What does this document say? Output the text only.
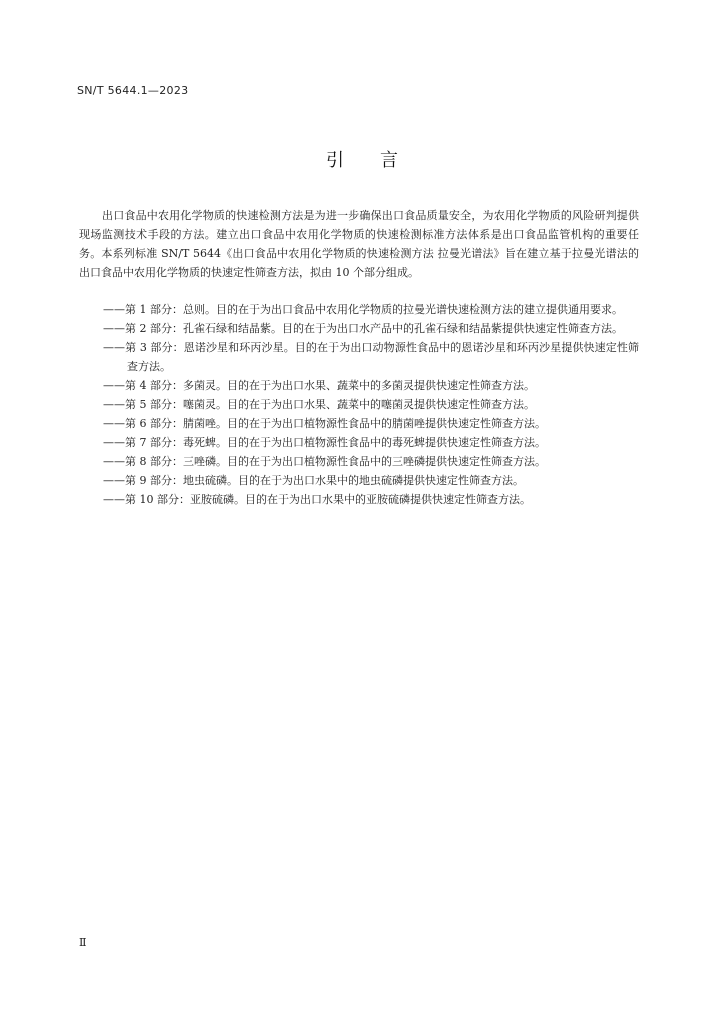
SN/T 5644.1—2023
引 言

出口食品中农用化学物质的快速检测方法是为进一步确保出口食品质量安全，为农用化学物质的风险研判提供现场监测技术手段的方法。建立出口食品中农用化学物质的快速检测标准方法体系是出口食品监管机构的重要任务。本系列标准 SN/T 5644《出口食品中农用化学物质的快速检测方法 拉曼光谱法》旨在建立基于拉曼光谱法的出口食品中农用化学物质的快速定性筛查方法，拟由 10 个部分组成。

——第 1 部分：总则。目的在于为出口食品中农用化学物质的拉曼光谱快速检测方法的建立提供通用要求。
——第 2 部分：孔雀石绿和结晶紫。目的在于为出口水产品中的孔雀石绿和结晶紫提供快速定性筛查方法。
——第 3 部分：恩诺沙星和环丙沙星。目的在于为出口动物源性食品中的恩诺沙星和环丙沙星提供快速定性筛查方法。
——第 4 部分：多菌灵。目的在于为出口水果、蔬菜中的多菌灵提供快速定性筛查方法。
——第 5 部分：噻菌灵。目的在于为出口水果、蔬菜中的噻菌灵提供快速定性筛查方法。
——第 6 部分：腈菌唑。目的在于为出口植物源性食品中的腈菌唑提供快速定性筛查方法。
——第 7 部分：毒死蜱。目的在于为出口植物源性食品中的毒死蜱提供快速定性筛查方法。
——第 8 部分：三唑磷。目的在于为出口植物源性食品中的三唑磷提供快速定性筛查方法。
——第 9 部分：地虫硫磷。目的在于为出口水果中的地虫硫磷提供快速定性筛查方法。
——第 10 部分：亚胺硫磷。目的在于为出口水果中的亚胺硫磷提供快速定性筛查方法。
Ⅱ
